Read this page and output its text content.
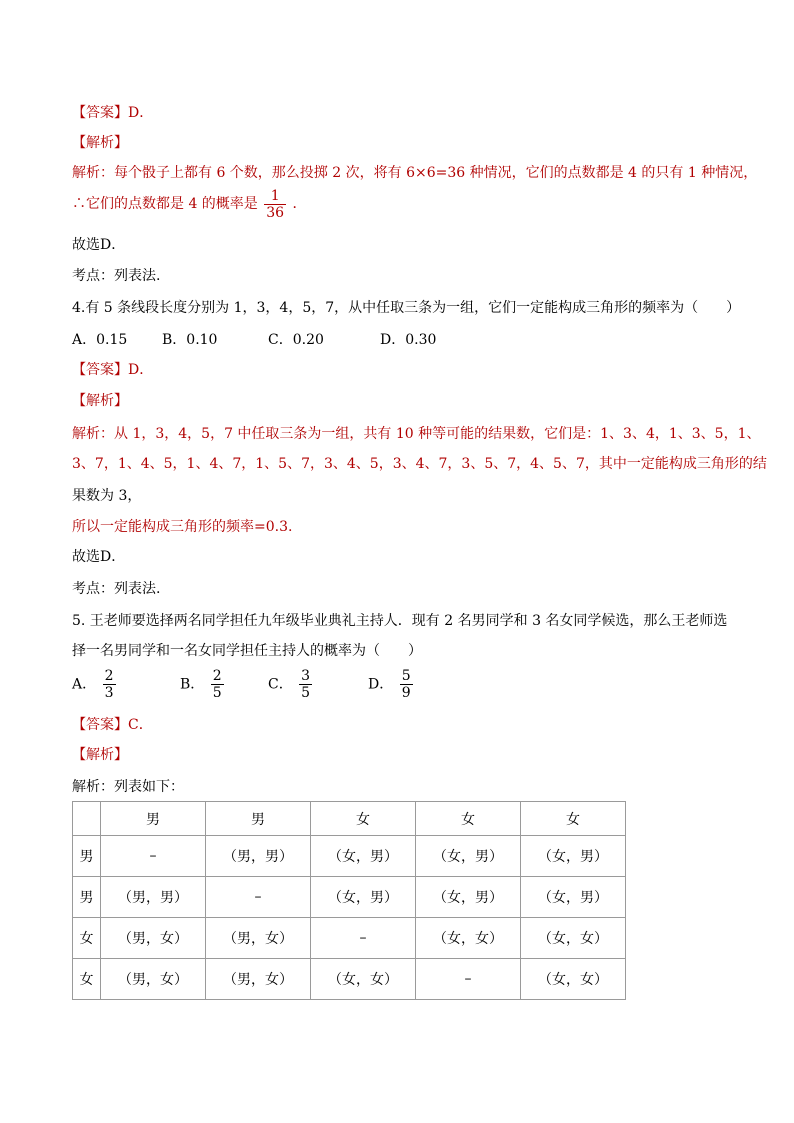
【答案】D．
【解析】
解析：每个骰子上都有 6 个数，那么投掷 2 次，将有 6×6=36 种情况，它们的点数都是 4 的只有 1 种情况，
∴它们的点数都是 4 的概率是 $\frac{1}{36}$ ．
故选D．
考点：列表法.
4.有 5 条线段长度分别为 1，3，4，5，7，从中任取三条为一组，它们一定能构成三角形的频率为（　　）
A．0.15 B．0.10	C．0.20	D．0.30
【答案】D．
【解析】
解析：从 1，3，4，5，7 中任取三条为一组，共有 10 种等可能的结果数，它们是：1、3、4，1、3、5，1、
3、7，1、4、5，1、4、7，1、5、7，3、4、5，3、4、7，3、5、7，4、5、7，其中一定能构成三角形的结
果数为 3，
所以一定能构成三角形的频率=0.3.
故选D．
考点：列表法.
5. 王老师要选择两名同学担任九年级毕业典礼主持人．现有 2 名男同学和 3 名女同学候选，那么王老师选
择一名男同学和一名女同学担任主持人的概率为（　　）
A． $\frac{2}{3}$	B． $\frac{2}{5}$	C． $\frac{3}{5}$	D． $\frac{5}{9}$
【答案】C．
【解析】
解析：列表如下：
	男	男	女	女	女
男	–	（男，男）	（女，男）	（女，男）	（女，男）
男	（男，男）	–	（女，男）	（女，男）	（女，男）
女	（男，女）	（男，女）	–	（女，女）	（女，女）
女	（男，女）	（男，女）	（女，女）	–	（女，女）
